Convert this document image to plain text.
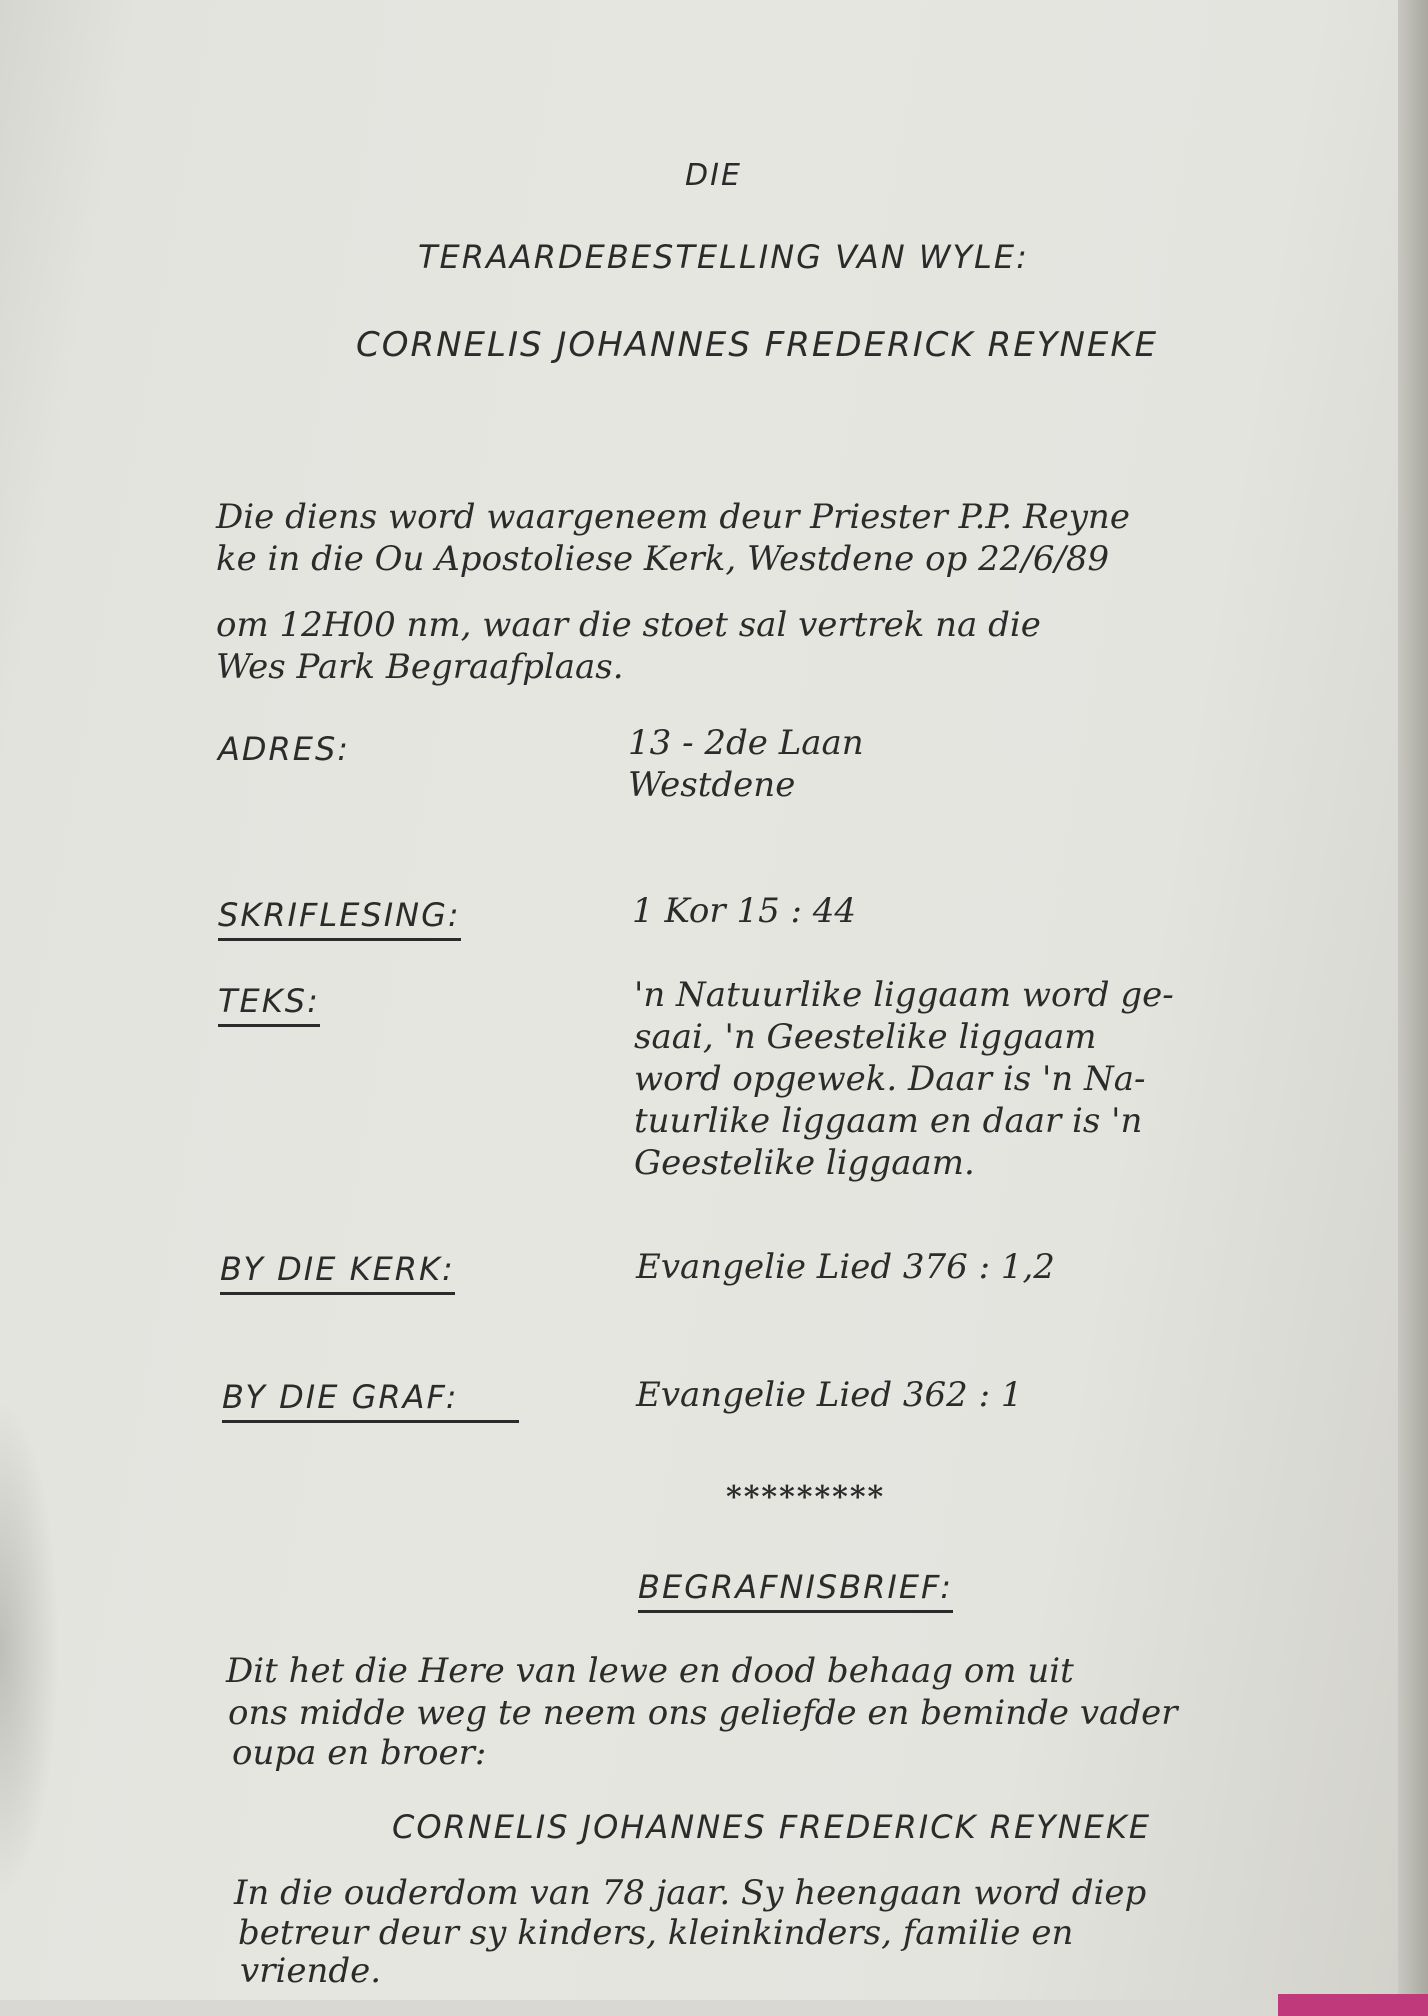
DIE
TERAARDEBESTELLING VAN WYLE:
CORNELIS JOHANNES FREDERICK REYNEKE
Die diens word waargeneem deur Priester P.P. Reyne
ke in die Ou Apostoliese Kerk, Westdene op 22/6/89
om 12H00 nm, waar die stoet sal vertrek na die
Wes Park Begraafplaas.
ADRES:	13 - 2de Laan
Westdene
SKRIFLESING:	1 Kor 15 : 44
TEKS:	'n Natuurlike liggaam word ge-
saai, 'n Geestelike liggaam
word opgewek. Daar is 'n Na-
tuurlike liggaam en daar is 'n
Geestelike liggaam.
BY DIE KERK:	Evangelie Lied 376 : 1,2
BY DIE GRAF:	Evangelie Lied 362 : 1
*********
BEGRAFNISBRIEF:
Dit het die Here van lewe en dood behaag om uit
ons midde weg te neem ons geliefde en beminde vader
oupa en broer:
CORNELIS JOHANNES FREDERICK REYNEKE
In die ouderdom van 78 jaar. Sy heengaan word diep
betreur deur sy kinders, kleinkinders, familie en
vriende.
